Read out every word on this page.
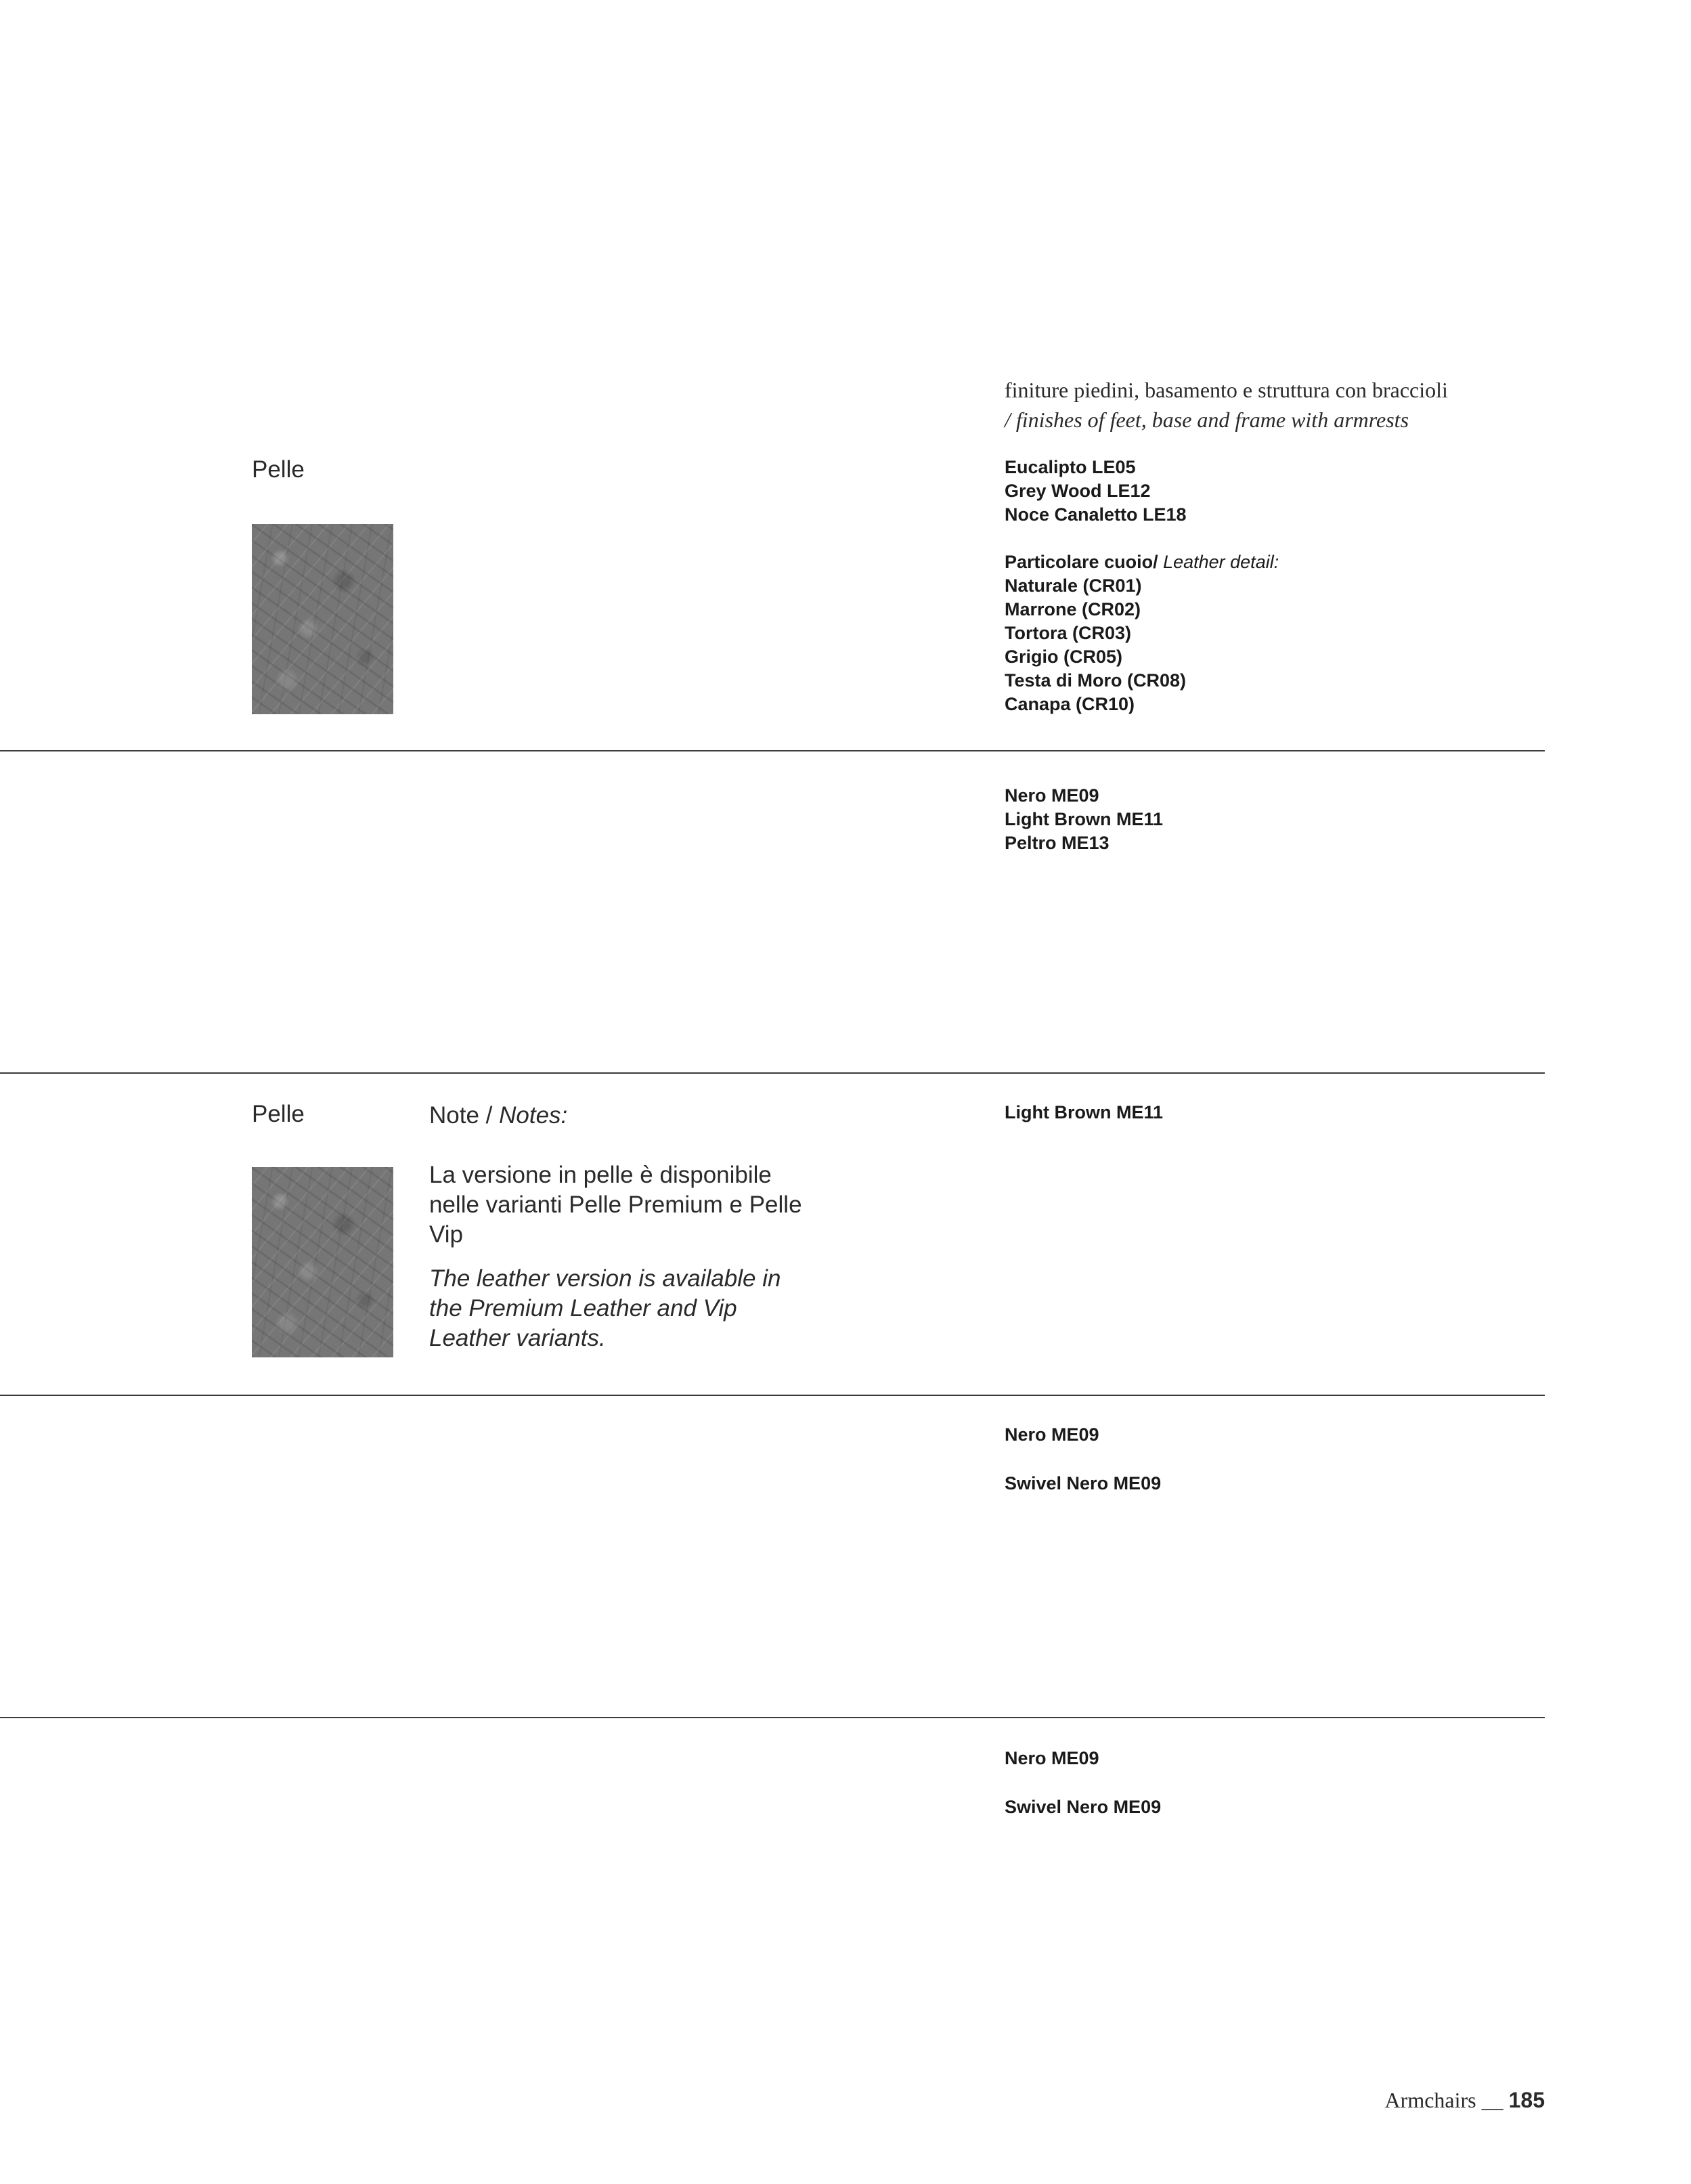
finiture piedini, basamento e struttura con braccioli
/ finishes of feet, base and frame with armrests
Pelle	Eucalipto LE05
Grey Wood LE12
Noce Canaletto LE18
Particolare cuoio/ Leather detail:
Naturale (CR01)
Marrone (CR02)
Tortora (CR03)
Grigio (CR05)
Testa di Moro (CR08)
Canapa (CR10)
Nero ME09
Light Brown ME11
Peltro ME13
Pelle	Note / Notes:
La versione in pelle è disponibile nelle varianti Pelle Premium e Pelle Vip
The leather version is available in the Premium Leather and Vip Leather variants.
Light Brown ME11
Nero ME09
Swivel Nero ME09
Nero ME09
Swivel Nero ME09
Armchairs __ 185
